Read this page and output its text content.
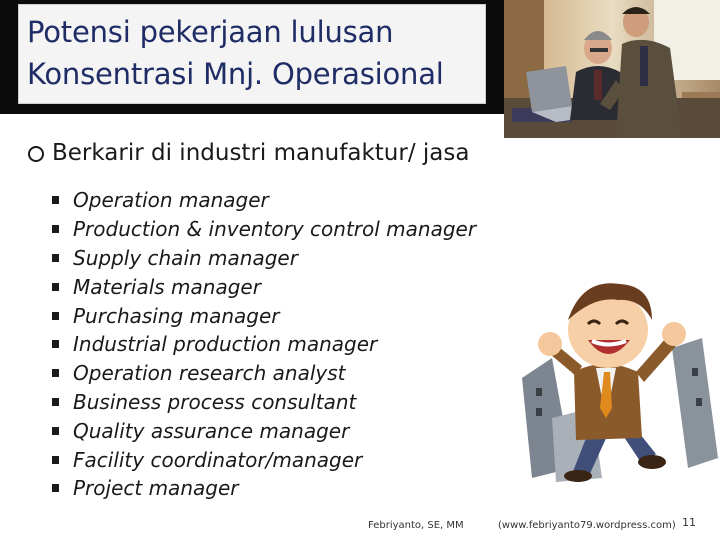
Potensi pekerjaan lulusan
Konsentrasi Mnj. Operasional
Berkarir di industri manufaktur/ jasa
Operation manager
Production & inventory control manager
Supply chain manager
Materials manager
Purchasing manager
Industrial production manager
Operation research analyst
Business process consultant
Quality assurance manager
Facility coordinator/manager
Project manager
Febriyanto, SE, MM	(www.febriyanto79.wordpress.com) 11
